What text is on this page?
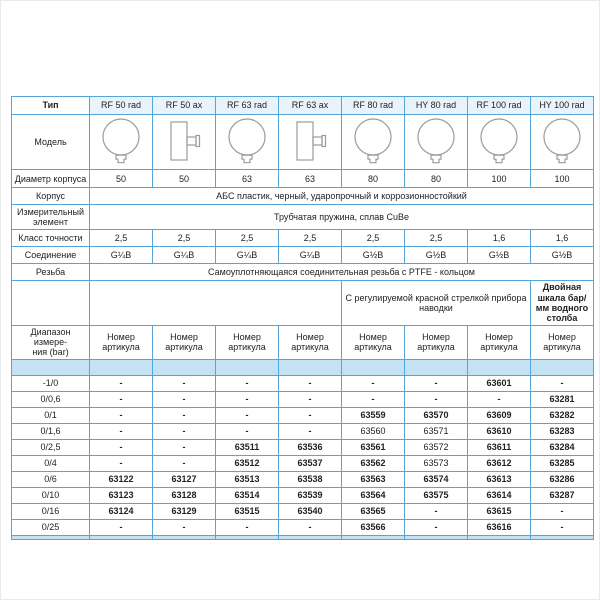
Тип	RF 50 rad	RF 50 ax	RF 63 rad	RF 63 ax	RF 80 rad	HY 80 rad	RF 100 rad	HY 100 rad
Модель								
Диаметр корпуса	50	50	63	63	80	80	100	100
Корпус	АБС пластик, черный, ударопрочный и коррозионностойкий							
Измерительный элемент	Трубчатая пружина, сплав CuBe							
Класс точности	2,5	2,5	2,5	2,5	2,5	2,5	1,6	1,6
Соединение	G¼B	G¼B	G¼B	G¼B	G½B	G½B	G½B	G½B
Резьба	Самоуплотняющаяся соединительная резьба с PTFE - кольцом							
					С регулируемой красной стрелкой прибора наводки			Двойная шкала бар/ мм водного столба
Диапазон измере-
ния (bar)	Номер артикула	Номер артикула	Номер артикула	Номер артикула	Номер артикула	Номер артикула	Номер артикула	Номер артикула

-1/0	-	-	-	-	-	-	63601	-
0/0,6	-	-	-	-	-	-	-	63281
0/1	-	-	-	-	63559	63570	63609	63282
0/1,6	-	-	-	-	63560	63571	63610	63283
0/2,5	-	-	63511	63536	63561	63572	63611	63284
0/4	-	-	63512	63537	63562	63573	63612	63285
0/6	63122	63127	63513	63538	63563	63574	63613	63286
0/10	63123	63128	63514	63539	63564	63575	63614	63287
0/16	63124	63129	63515	63540	63565	-	63615	-
0/25	-	-	-	-	63566	-	63616	-
